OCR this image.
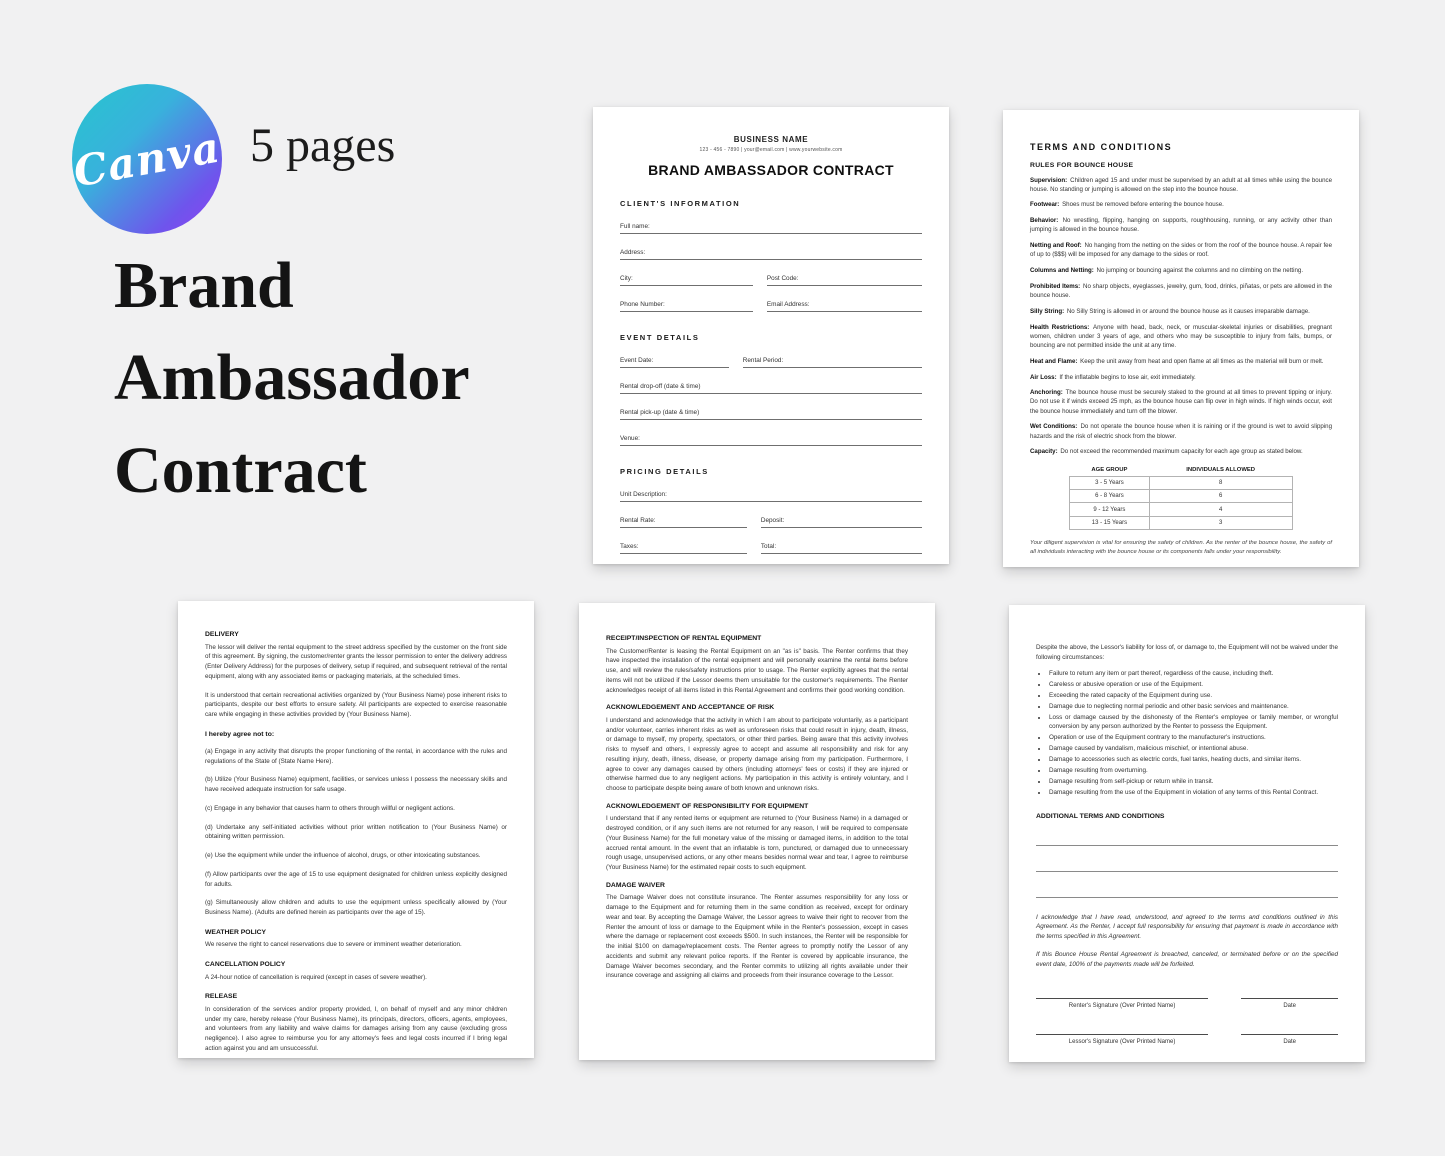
Canva 5 pages
Brand
Ambassador
Contract
BUSINESS NAME
123 - 456 - 7890 | your@email.com | www.yourwebsite.com
BRAND AMBASSADOR CONTRACT
CLIENT'S INFORMATION
Full name:
Address:
City:	Post Code:
Phone Number:	Email Address:
EVENT DETAILS
Event Date:	Rental Period:
Rental drop-off (date & time)
Rental pick-up (date & time)
Venue:
PRICING DETAILS
Unit Description:
Rental Rate:	Deposit:
Taxes:	Total:
TERMS AND CONDITIONS
RULES FOR BOUNCE HOUSE

Supervision: Children aged 15 and under must be supervised by an adult at all times while using the bounce house. No standing or jumping is allowed on the step into the bounce house.

Footwear: Shoes must be removed before entering the bounce house.

Behavior: No wrestling, flipping, hanging on supports, roughhousing, running, or any activity other than jumping is allowed in the bounce house.

Netting and Roof: No hanging from the netting on the sides or from the roof of the bounce house. A repair fee of up to ($$$) will be imposed for any damage to the sides or roof.

Columns and Netting: No jumping or bouncing against the columns and no climbing on the netting.

Prohibited Items: No sharp objects, eyeglasses, jewelry, gum, food, drinks, piñatas, or pets are allowed in the bounce house.

Silly String: No Silly String is allowed in or around the bounce house as it causes irreparable damage.

Health Restrictions: Anyone with head, back, neck, or muscular-skeletal injuries or disabilities, pregnant women, children under 3 years of age, and others who may be susceptible to injury from falls, bumps, or bouncing are not permitted inside the unit at any time.

Heat and Flame: Keep the unit away from heat and open flame at all times as the material will burn or melt.

Air Loss: If the inflatable begins to lose air, exit immediately.

Anchoring: The bounce house must be securely staked to the ground at all times to prevent tipping or injury. Do not use it if winds exceed 25 mph, as the bounce house can flip over in high winds. If high winds occur, exit the bounce house immediately and turn off the blower.

Wet Conditions: Do not operate the bounce house when it is raining or if the ground is wet to avoid slipping hazards and the risk of electric shock from the blower.

Capacity: Do not exceed the recommended maximum capacity for each age group as stated below.

AGE GROUP	INDIVIDUALS ALLOWED
3 - 5 Years	8
6 - 8 Years	6
9 - 12 Years	4
13 - 15 Years	3
Your diligent supervision is vital for ensuring the safety of children. As the renter of the bounce house, the safety of all individuals interacting with the bounce house or its components falls under your responsibility.
DELIVERY

The lessor will deliver the rental equipment to the street address specified by the customer on the front side of this agreement. By signing, the customer/renter grants the lessor permission to enter the delivery address (Enter Delivery Address) for the purposes of delivery, setup if required, and subsequent retrieval of the rental equipment, along with any associated items or packaging materials, at the scheduled times.

It is understood that certain recreational activities organized by (Your Business Name) pose inherent risks to participants, despite our best efforts to ensure safety. All participants are expected to exercise reasonable care while engaging in these activities provided by (Your Business Name).

I hereby agree not to:

(a) Engage in any activity that disrupts the proper functioning of the rental, in accordance with the rules and regulations of the State of (State Name Here).

(b) Utilize (Your Business Name) equipment, facilities, or services unless I possess the necessary skills and have received adequate instruction for safe usage.

(c) Engage in any behavior that causes harm to others through willful or negligent actions.

(d) Undertake any self-initiated activities without prior written notification to (Your Business Name) or obtaining written permission.

(e) Use the equipment while under the influence of alcohol, drugs, or other intoxicating substances.

(f) Allow participants over the age of 15 to use equipment designated for children unless explicitly designed for adults.

(g) Simultaneously allow children and adults to use the equipment unless specifically allowed by (Your Business Name). (Adults are defined herein as participants over the age of 15).

WEATHER POLICY

We reserve the right to cancel reservations due to severe or imminent weather deterioration.

CANCELLATION POLICY

A 24-hour notice of cancellation is required (except in cases of severe weather).

RELEASE

In consideration of the services and/or property provided, I, on behalf of myself and any minor children under my care, hereby release (Your Business Name), its principals, directors, officers, agents, employees, and volunteers from any liability and waive claims for damages arising from any cause (excluding gross negligence). I also agree to reimburse you for any attorney's fees and legal costs incurred if I bring legal action against you and am unsuccessful.

RECEIPT/INSPECTION OF RENTAL EQUIPMENT

The Customer/Renter is leasing the Rental Equipment on an "as is" basis. The Renter confirms that they have inspected the installation of the rental equipment and will personally examine the rental items before use, and will review the rules/safety instructions prior to usage. The Renter explicitly agrees that the rental items will not be utilized if the Lessor deems them unsuitable for the customer's requirements. The Renter acknowledges receipt of all items listed in this Rental Agreement and confirms their good working condition.

ACKNOWLEDGEMENT AND ACCEPTANCE OF RISK

I understand and acknowledge that the activity in which I am about to participate voluntarily, as a participant and/or volunteer, carries inherent risks as well as unforeseen risks that could result in injury, death, illness, or damage to myself, my property, spectators, or other third parties. Being aware that this activity involves risks to myself and others, I expressly agree to accept and assume all responsibility and risk for any resulting injury, death, illness, disease, or property damage arising from my participation. Furthermore, I agree to cover any damages caused by others (including attorneys' fees or costs) if they are injured or otherwise harmed due to any negligent actions. My participation in this activity is entirely voluntary, and I choose to participate despite being aware of both known and unknown risks.

ACKNOWLEDGEMENT OF RESPONSIBILITY FOR EQUIPMENT

I understand that if any rented items or equipment are returned to (Your Business Name) in a damaged or destroyed condition, or if any such items are not returned for any reason, I will be required to compensate (Your Business Name) for the full monetary value of the missing or damaged items, in addition to the total accrued rental amount. In the event that an inflatable is torn, punctured, or damaged due to unnecessary rough usage, unsupervised actions, or any other means besides normal wear and tear, I agree to reimburse (Your Business Name) for the estimated repair costs to such equipment.

DAMAGE WAIVER

The Damage Waiver does not constitute insurance. The Renter assumes responsibility for any loss or damage to the Equipment and for returning them in the same condition as received, except for ordinary wear and tear. By accepting the Damage Waiver, the Lessor agrees to waive their right to recover from the Renter the amount of loss or damage to the Equipment while in the Renter's possession, except in cases where the damage or replacement cost exceeds $500. In such instances, the Renter will be responsible for the initial $100 on damage/replacement costs. The Renter agrees to promptly notify the Lessor of any accidents and submit any relevant police reports. If the Renter is covered by applicable insurance, the Damage Waiver becomes secondary, and the Renter commits to utilizing all rights available under their insurance coverage and assigning all claims and proceeds from their insurance coverage to the Lessor.

Despite the above, the Lessor's liability for loss of, or damage to, the Equipment will not be waived under the following circumstances:

• Failure to return any item or part thereof, regardless of the cause, including theft.
• Careless or abusive operation or use of the Equipment.
• Exceeding the rated capacity of the Equipment during use.
• Damage due to neglecting normal periodic and other basic services and maintenance.
• Loss or damage caused by the dishonesty of the Renter's employee or family member, or wrongful conversion by any person authorized by the Renter to possess the Equipment.
• Operation or use of the Equipment contrary to the manufacturer's instructions.
• Damage caused by vandalism, malicious mischief, or intentional abuse.
• Damage to accessories such as electric cords, fuel tanks, heating ducts, and similar items.
• Damage resulting from overturning.
• Damage resulting from self-pickup or return while in transit.
• Damage resulting from the use of the Equipment in violation of any terms of this Rental Contract.
ADDITIONAL TERMS AND CONDITIONS

I acknowledge that I have read, understood, and agreed to the terms and conditions outlined in this Agreement. As the Renter, I accept full responsibility for ensuring that payment is made in accordance with the terms specified in this Agreement.

If this Bounce House Rental Agreement is breached, canceled, or terminated before or on the specified event date, 100% of the payments made will be forfeited.

Renter's Signature (Over Printed Name)	Date
Lessor's Signature (Over Printed Name)	Date
